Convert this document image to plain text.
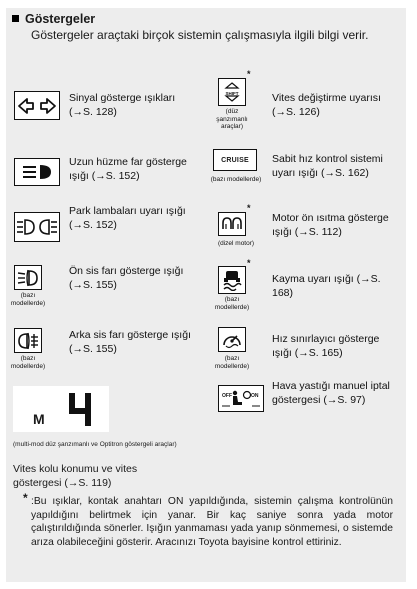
Göstergeler
Göstergeler araçtaki birçok sistemin çalışmasıyla ilgili bilgi verir.
Sinyal gösterge ışıkları (→S. 128)
Uzun hüzme far gösterge ışığı (→S. 152)
Park lambaları uyarı ışığı (→S. 152)
(bazı modellerde)
Ön sis farı gösterge ışığı (→S. 155)
(bazı modellerde)
Arka sis farı gösterge ışığı (→S. 155)
*
SHIFT
(düz şanzımanlı araçlar)
Vites değiştirme uyarısı (→S. 126)
CRUISE
(bazı modellerde)
Sabit hız kontrol sistemi uyarı ışığı (→S. 162)
*
(dizel motor)
Motor ön ısıtma gösterge ışığı (→S. 112)
*
(bazı modellerde)
Kayma uyarı ışığı (→S. 168)
(bazı modellerde)
Hız sınırlayıcı gösterge ışığı (→S. 165)
OFF	ON
Hava yastığı manuel iptal göstergesi (→S. 97)
M
(multi-mod düz şanzımanlı ve Optitron göstergeli araçlar)
Vites kolu konumu ve vites göstergesi (→S. 119)
* :Bu ışıklar, kontak anahtarı ON yapıldığında, sistemin çalışma kontrolünün yapıldığını belirtmek için yanar. Bir kaç saniye sonra yada motor çalıştırıldığında sönerler. Işığın yanmaması yada yanıp sönmemesi, o sistemde arıza olabileceğini gösterir. Aracınızı Toyota bayisine kontrol ettiriniz.
